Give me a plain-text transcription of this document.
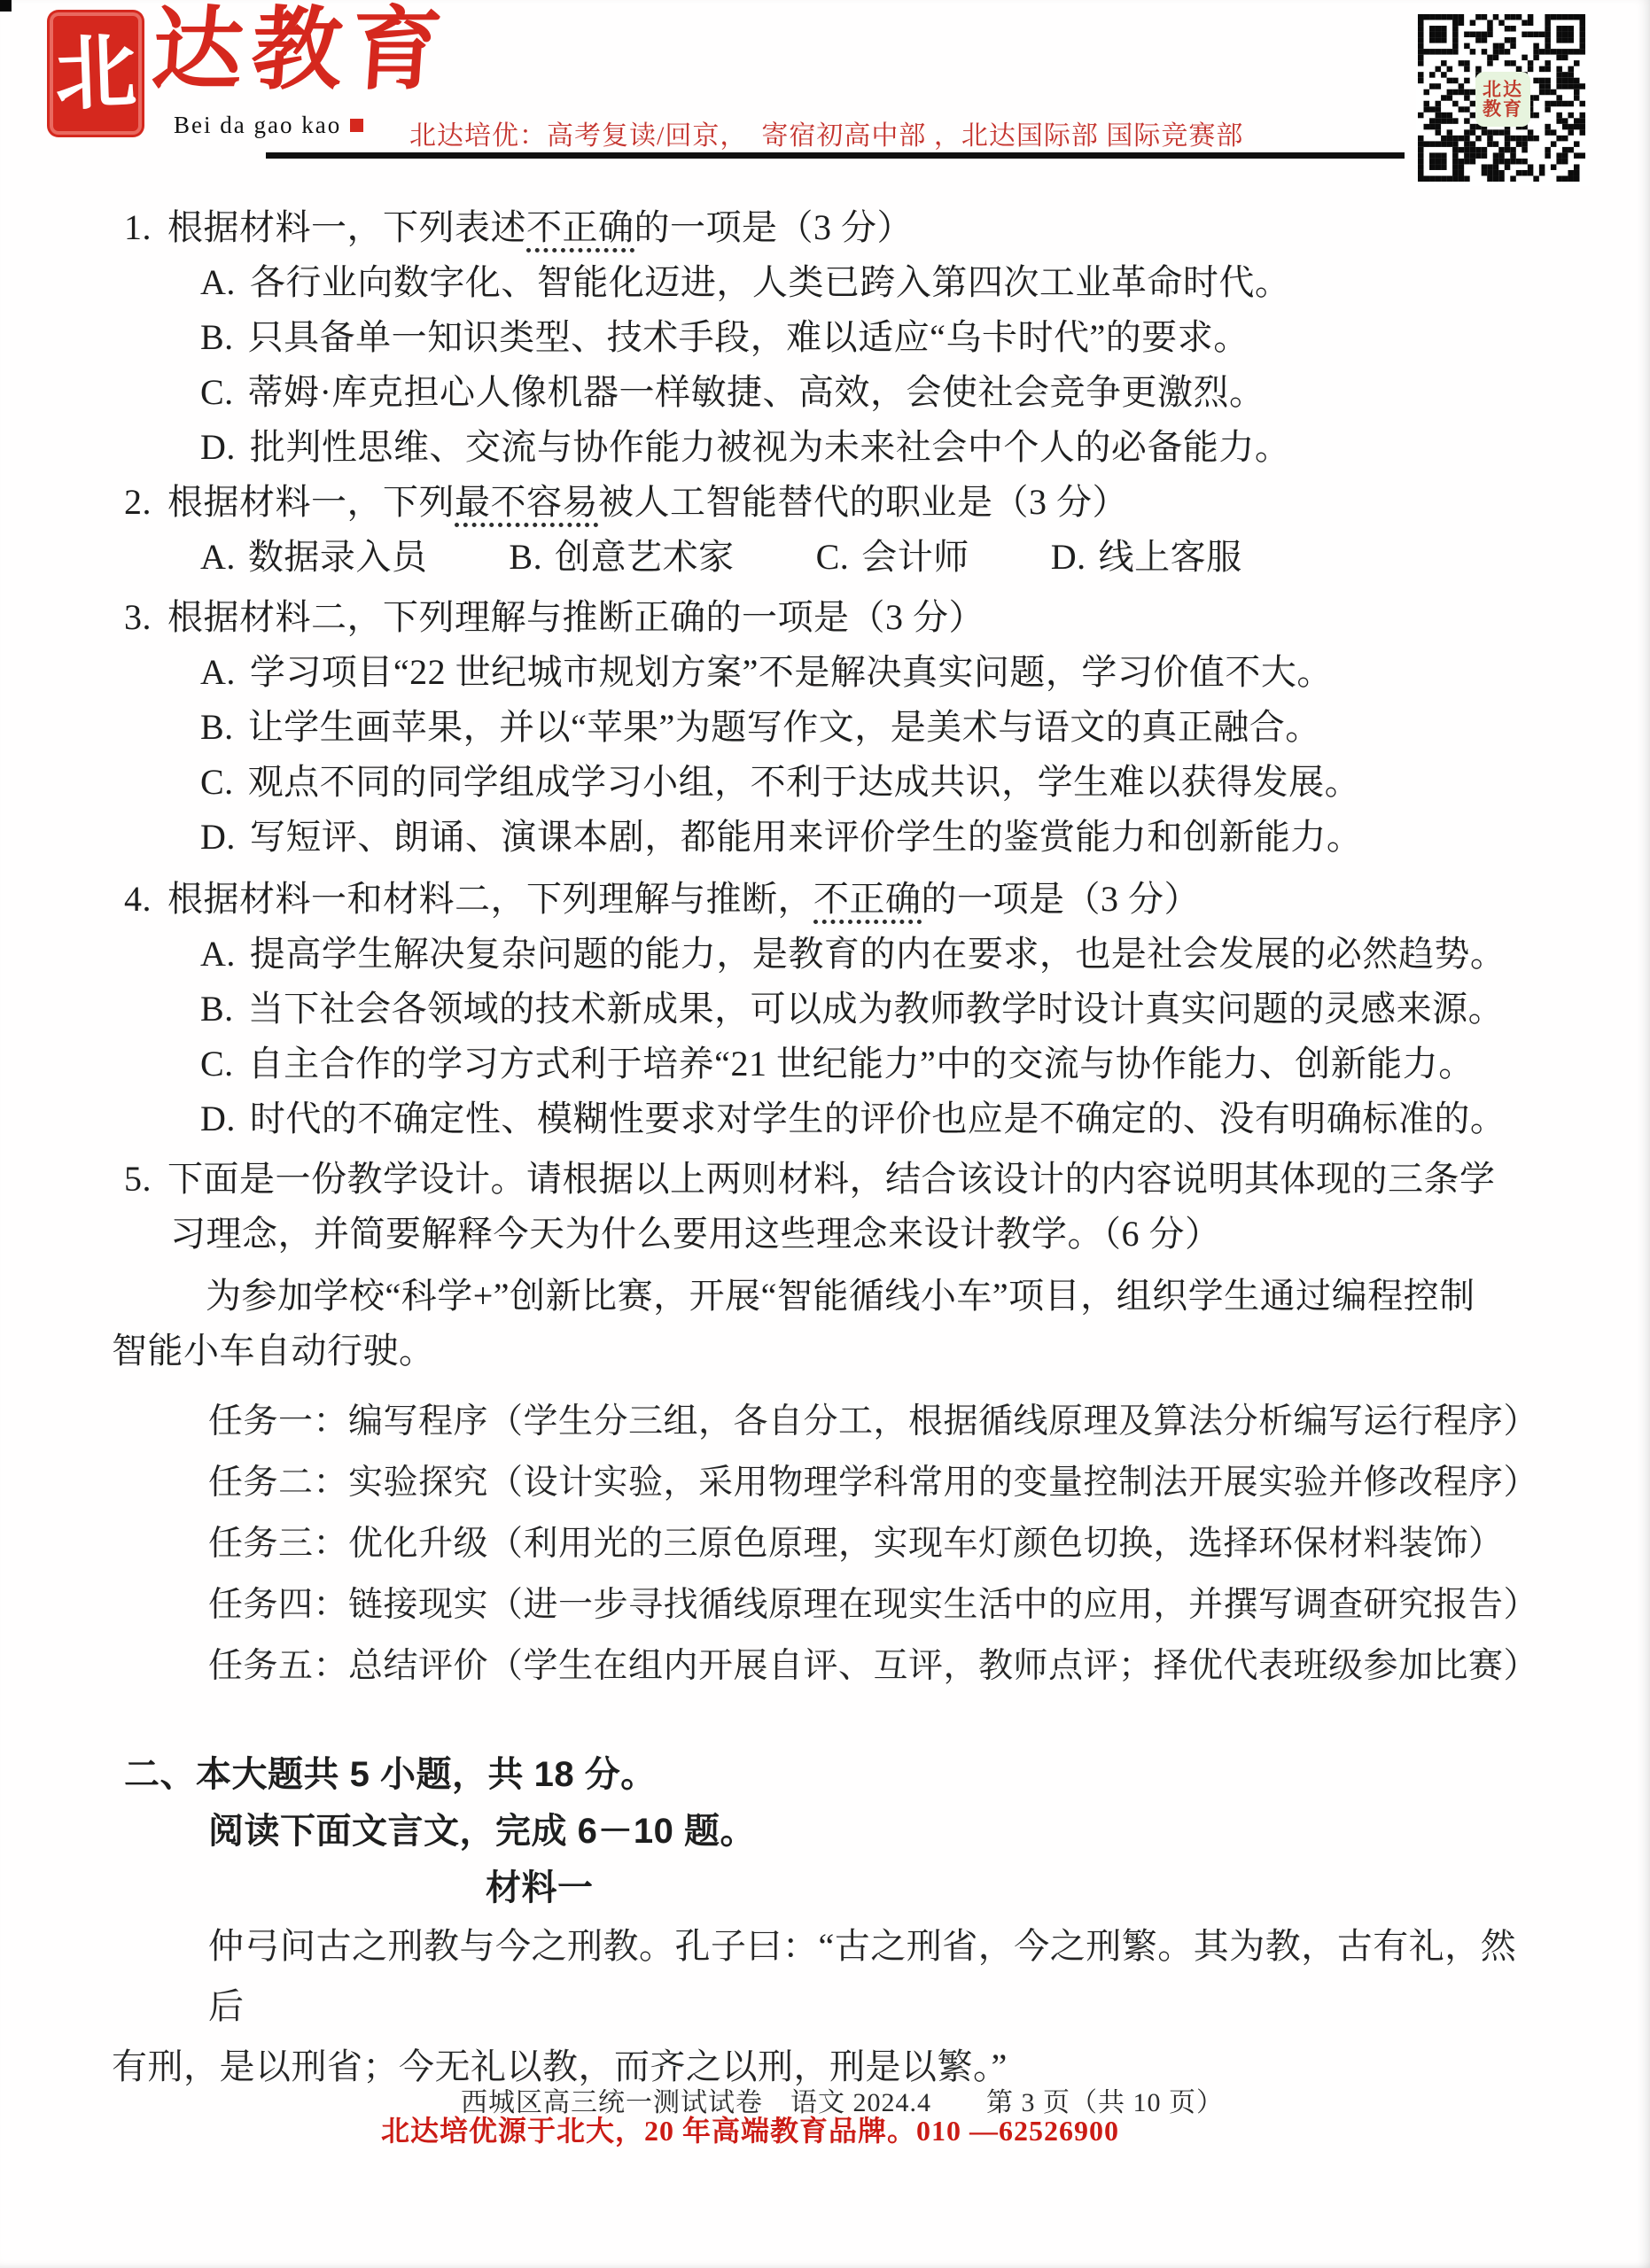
北 达教育
Bei da gao kao	北达培优：高考复读/回京，　寄宿初高中部 ，北达国际部 国际竞赛部
北达
教育
1. 根据材料一，下列表述不正确的一项是（3 分）
A. 各行业向数字化、智能化迈进，人类已跨入第四次工业革命时代。
B. 只具备单一知识类型、技术手段，难以适应“乌卡时代”的要求。
C. 蒂姆·库克担心人像机器一样敏捷、高效，会使社会竞争更激烈。
D. 批判性思维、交流与协作能力被视为未来社会中个人的必备能力。
2. 根据材料一，下列最不容易被人工智能替代的职业是（3 分）
A. 数据录入员 B. 创意艺术家 C. 会计师 D. 线上客服
3. 根据材料二，下列理解与推断正确的一项是（3 分）
A. 学习项目“22 世纪城市规划方案”不是解决真实问题，学习价值不大。
B. 让学生画苹果，并以“苹果”为题写作文，是美术与语文的真正融合。
C. 观点不同的同学组成学习小组，不利于达成共识，学生难以获得发展。
D. 写短评、朗诵、演课本剧，都能用来评价学生的鉴赏能力和创新能力。
4. 根据材料一和材料二，下列理解与推断，不正确的一项是（3 分）
A. 提高学生解决复杂问题的能力，是教育的内在要求，也是社会发展的必然趋势。
B. 当下社会各领域的技术新成果，可以成为教师教学时设计真实问题的灵感来源。
C. 自主合作的学习方式利于培养“21 世纪能力”中的交流与协作能力、创新能力。
D. 时代的不确定性、模糊性要求对学生的评价也应是不确定的、没有明确标准的。
5. 下面是一份教学设计。请根据以上两则材料，结合该设计的内容说明其体现的三条学
习理念，并简要解释今天为什么要用这些理念来设计教学。（6 分）
为参加学校“科学+”创新比赛，开展“智能循线小车”项目，组织学生通过编程控制
智能小车自动行驶。
任务一：编写程序（学生分三组，各自分工，根据循线原理及算法分析编写运行程序）
任务二：实验探究（设计实验，采用物理学科常用的变量控制法开展实验并修改程序）
任务三：优化升级（利用光的三原色原理，实现车灯颜色切换，选择环保材料装饰）
任务四：链接现实（进一步寻找循线原理在现实生活中的应用，并撰写调查研究报告）
任务五：总结评价（学生在组内开展自评、互评，教师点评；择优代表班级参加比赛）
二、本大题共 5 小题，共 18 分。
阅读下面文言文，完成 6－10 题。
材料一
仲弓问古之刑教与今之刑教。孔子曰：“古之刑省，今之刑繁。其为教，古有礼，然后
有刑，是以刑省；今无礼以教，而齐之以刑，刑是以繁。”
西城区高三统一测试试卷　语文 2024.4　　第 3 页（共 10 页）
北达培优源于北大，20 年高端教育品牌。010 —62526900
